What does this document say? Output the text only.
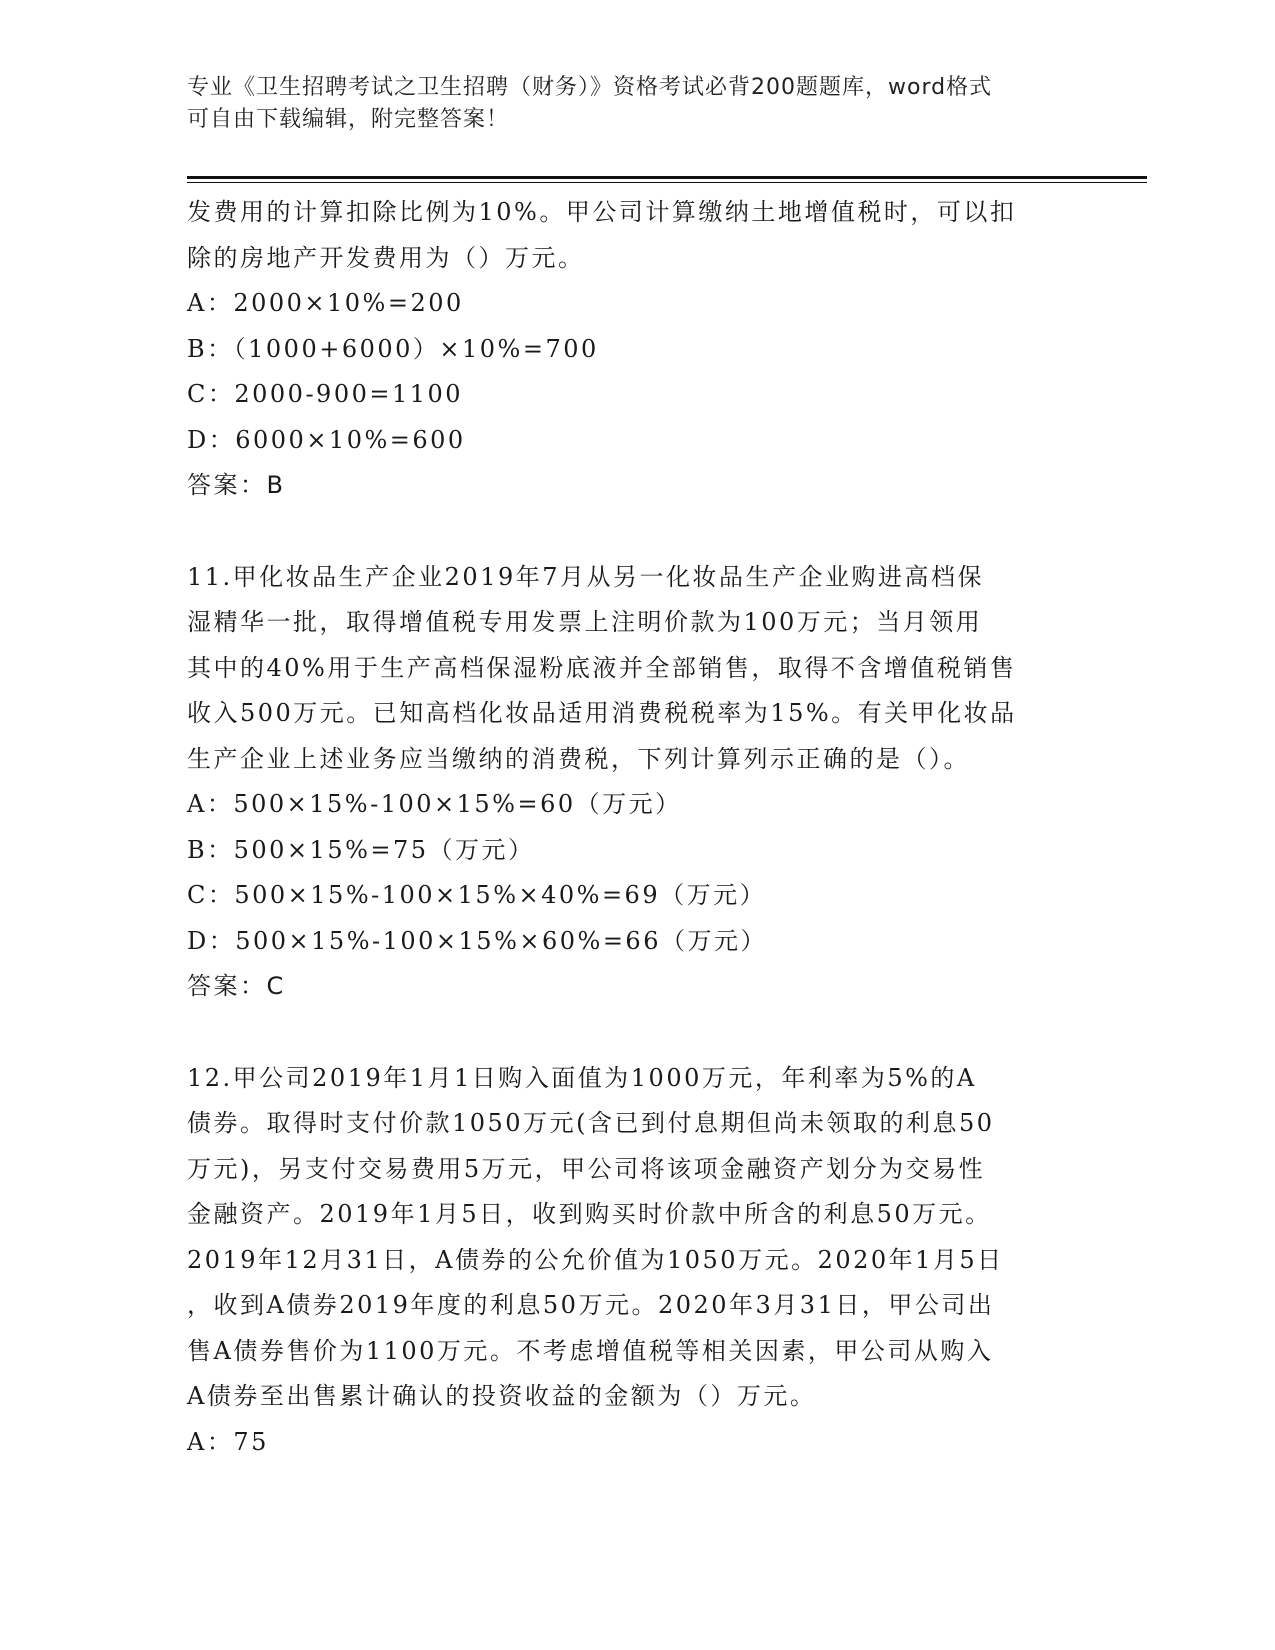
专业《卫生招聘考试之卫生招聘（财务）》资格考试必背200题题库，word格式
可自由下载编辑，附完整答案！
发费用的计算扣除比例为10%。甲公司计算缴纳土地增值税时，可以扣
除的房地产开发费用为（）万元。
A：2000×10%=200
B：（1000+6000）×10%=700
C：2000-900=1100
D：6000×10%=600
答案：B
11.甲化妆品生产企业2019年7月从另一化妆品生产企业购进高档保
湿精华一批，取得增值税专用发票上注明价款为100万元；当月领用
其中的40%用于生产高档保湿粉底液并全部销售，取得不含增值税销售
收入500万元。已知高档化妆品适用消费税税率为15%。有关甲化妆品
生产企业上述业务应当缴纳的消费税，下列计算列示正确的是（）。
A：500×15%-100×15%=60（万元）
B：500×15%=75（万元）
C：500×15%-100×15%×40%=69（万元）
D：500×15%-100×15%×60%=66（万元）
答案：C
12.甲公司2019年1月1日购入面值为1000万元，年利率为5%的A
债券。取得时支付价款1050万元(含已到付息期但尚未领取的利息50
万元)，另支付交易费用5万元，甲公司将该项金融资产划分为交易性
金融资产。2019年1月5日，收到购买时价款中所含的利息50万元。
2019年12月31日，A债券的公允价值为1050万元。2020年1月5日
，收到A债券2019年度的利息50万元。2020年3月31日，甲公司出
售A债券售价为1100万元。不考虑增值税等相关因素，甲公司从购入
A债券至出售累计确认的投资收益的金额为（）万元。
A：75
